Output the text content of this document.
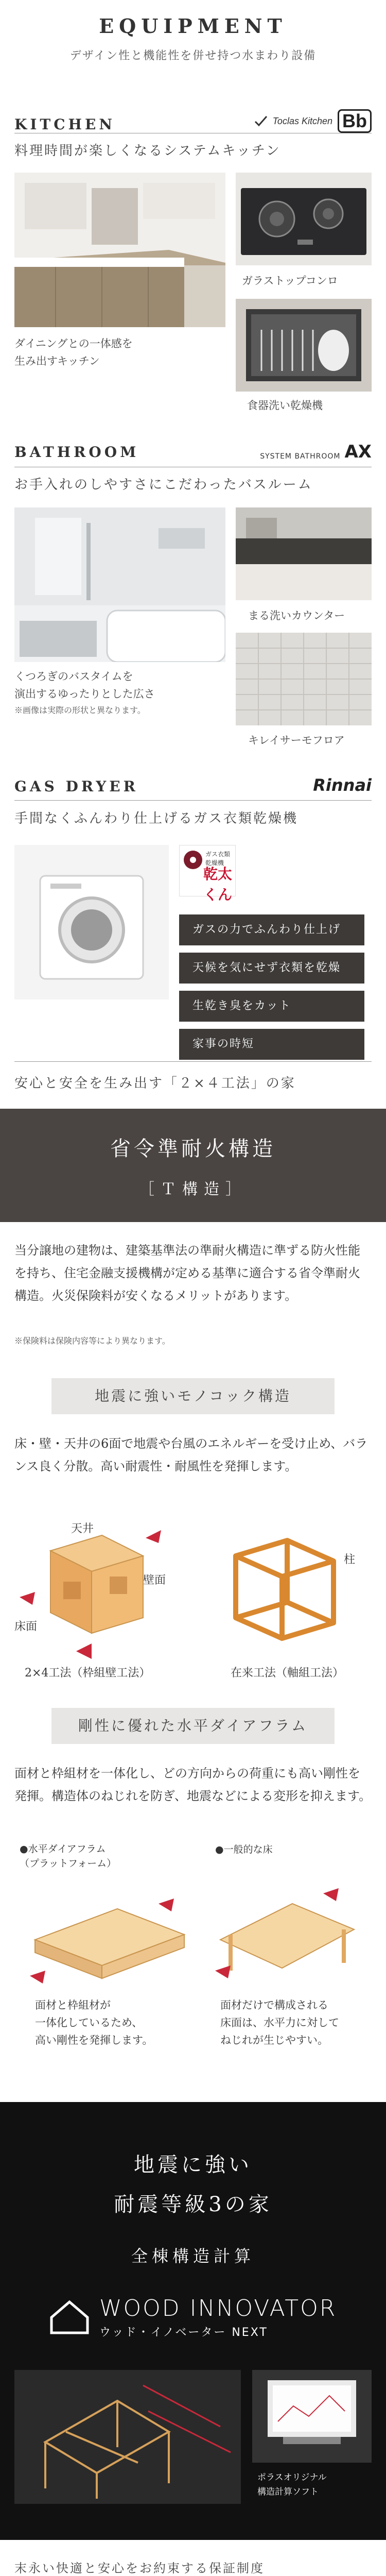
EQUIPMENT
デザイン性と機能性を併せ持つ水まわり設備
KITCHEN	Toclas Kitchen Bb
料理時間が楽しくなるシステムキッチン
ダイニングとの一体感を
生み出すキッチン
ガラストップコンロ
食器洗い乾燥機
BATHROOM	SYSTEM BATHROOM AX
お手入れのしやすさにこだわったバスルーム
くつろぎのバスタイムを
演出するゆったりとした広さ
※画像は実際の形状と異なります。
まる洗いカウンター
キレイサーモフロア
GAS DRYER	Rinnai
手間なくふんわり仕上げるガス衣類乾燥機
ガス衣類乾燥機
乾太くん
ガスの力でふんわり仕上げ
天候を気にせず衣類を乾燥
生乾き臭をカット
家事の時短
安心と安全を生み出す「２×４工法」の家
省令準耐火構造
［Ｔ構造］
当分譲地の建物は、建築基準法の準耐火構造に準ずる防火性能を持ち、住宅金融支援機構が定める基準に適合する省令準耐火構造。火災保険料が安くなるメリットがあります。
※保険料は保険内容等により異なります。
地震に強いモノコック構造
床・壁・天井の6面で地震や台風のエネルギーを受け止め、バランス良く分散。高い耐震性・耐風性を発揮します。
天井
壁面
床面
柱
2×4工法（枠組壁工法）	在来工法（軸組工法）
剛性に優れた水平ダイアフラム
面材と枠組材を一体化し、どの方向からの荷重にも高い剛性を発揮。構造体のねじれを防ぎ、地震などによる変形を抑えます。
●水平ダイアフラム
（プラットフォーム）
●一般的な床
面材と枠組材が
一体化しているため、
高い剛性を発揮します。
面材だけで構成される
床面は、水平力に対して
ねじれが生じやすい。
地震に強い
耐震等級3の家
全棟構造計算
WOOD INNOVATOR
ウッド・イノベーター NEXT
ポラスオリジナル
構造計算ソフト
末永い快適と安心をお約束する保証制度
